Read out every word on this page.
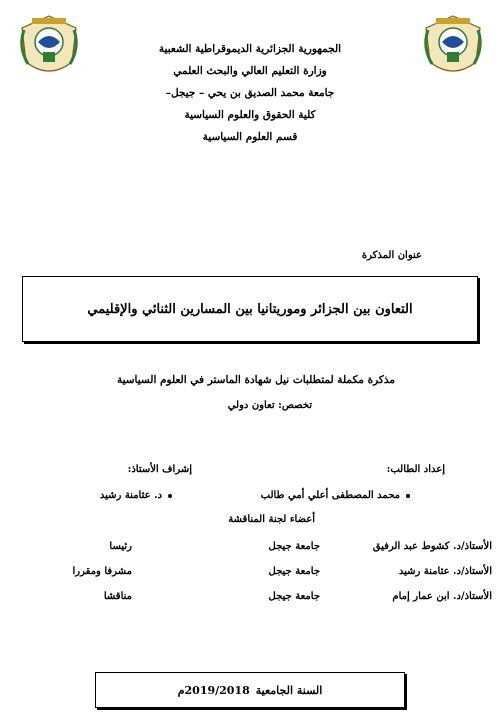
الجمهورية الجزائرية الديموقراطية الشعبية
وزارة التعليم العالي والبحث العلمي
جامعة محمد الصديق بن يحي – جيجل–
كلية الحقوق والعلوم السياسية
قسم العلوم السياسية
عنوان المذكرة
التعاون بين الجزائر وموريتانيا بين المسارين الثنائي والإقليمي
مذكرة مكملة لمتطلبات نيل شهادة الماستر في العلوم السياسية
تخصص: تعاون دولي
إعداد الطالب:
إشراف الأستاذ:
محمد المصطفى أعلي أمي طالب
د. عثامنة رشيد
أعضاء لجنة المناقشة
الأستاذ/د. كشوط عبد الرفيق
جامعة جيجل
رئيسا
الأستاذ/د. عثامنة رشيد
جامعة جيجل
مشرفا ومقررا
الأستاذ/د. ابن عمار إمام
جامعة جيجل
مناقشا
السنة الجامعية
2019/2018م
